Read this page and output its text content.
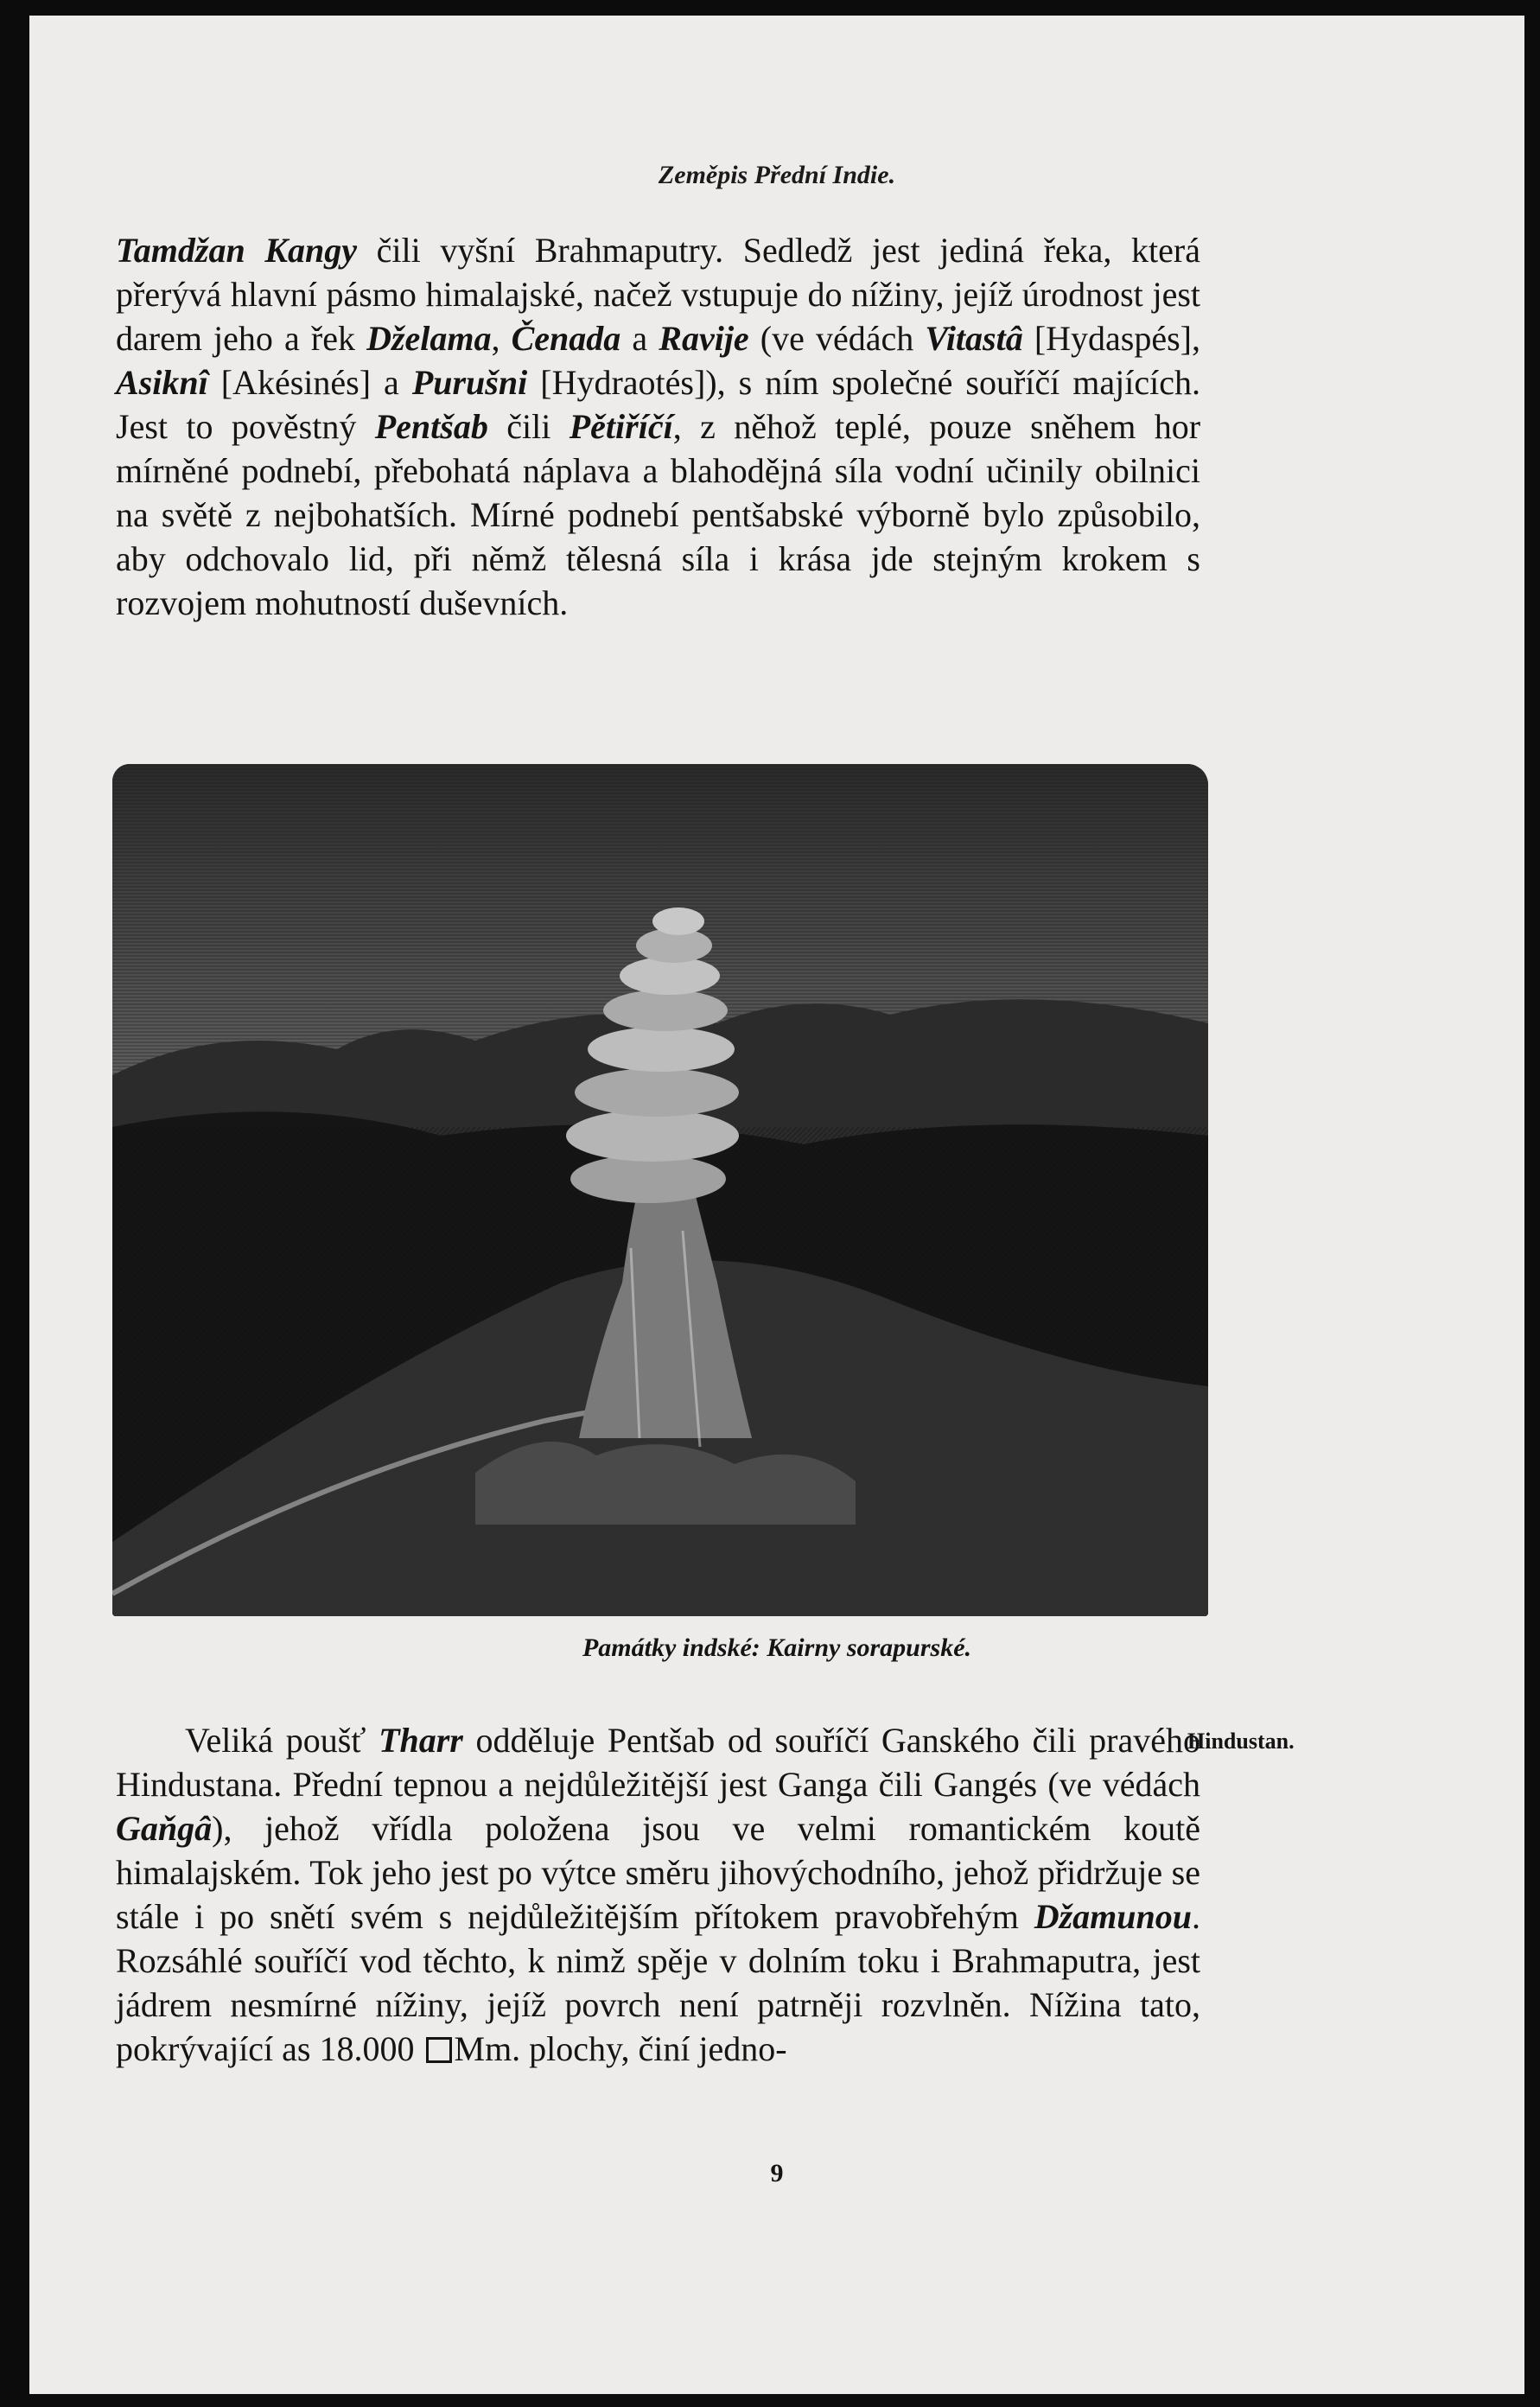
Zeměpis Přední Indie.

Tamdžan Kangy čili vyšní Brahmaputry. Sedledž jest jediná řeka, která přerývá hlavní pásmo himalajské, načež vstupuje do nížiny, jejíž úrodnost jest darem jeho a řek Dželama, Čenada a Ravije (ve védách Vitastâ [Hydaspés], Asiknî [Akésinés] a Purušni [Hydraotés]), s ním společné souříčí majících. Jest to pověstný Pentšab čili Pětiříčí, z něhož teplé, pouze sněhem hor mírněné podnebí, přebohatá náplava a blahodějná síla vodní učinily obilnici na světě z nejbohatších. Mírné podnebí pentšabské výborně bylo způsobilo, aby odchovalo lid, při němž tělesná síla i krása jde stejným krokem s rozvojem mohutností duševních.

Památky indské: Kairny sorapurské.
Hindustan.

Veliká poušť Tharr odděluje Pentšab od souříčí Ganského čili pravého Hindustana. Přední tepnou a nejdůležitější jest Ganga čili Gangés (ve védách Gaňgâ), jehož vřídla položena jsou ve velmi romantickém koutě himalajském. Tok jeho jest po výtce směru jihovýchodního, jehož přidržuje se stále i po snětí svém s nejdůležitějším přítokem pravobřehým Džamunou. Rozsáhlé souříčí vod těchto, k nimž spěje v dolním toku i Brahmaputra, jest jádrem nesmírné nížiny, jejíž povrch není patrněji rozvlněn. Nížina tato, pokrývající as 18.000 Mm. plochy, činí jedno-

9
